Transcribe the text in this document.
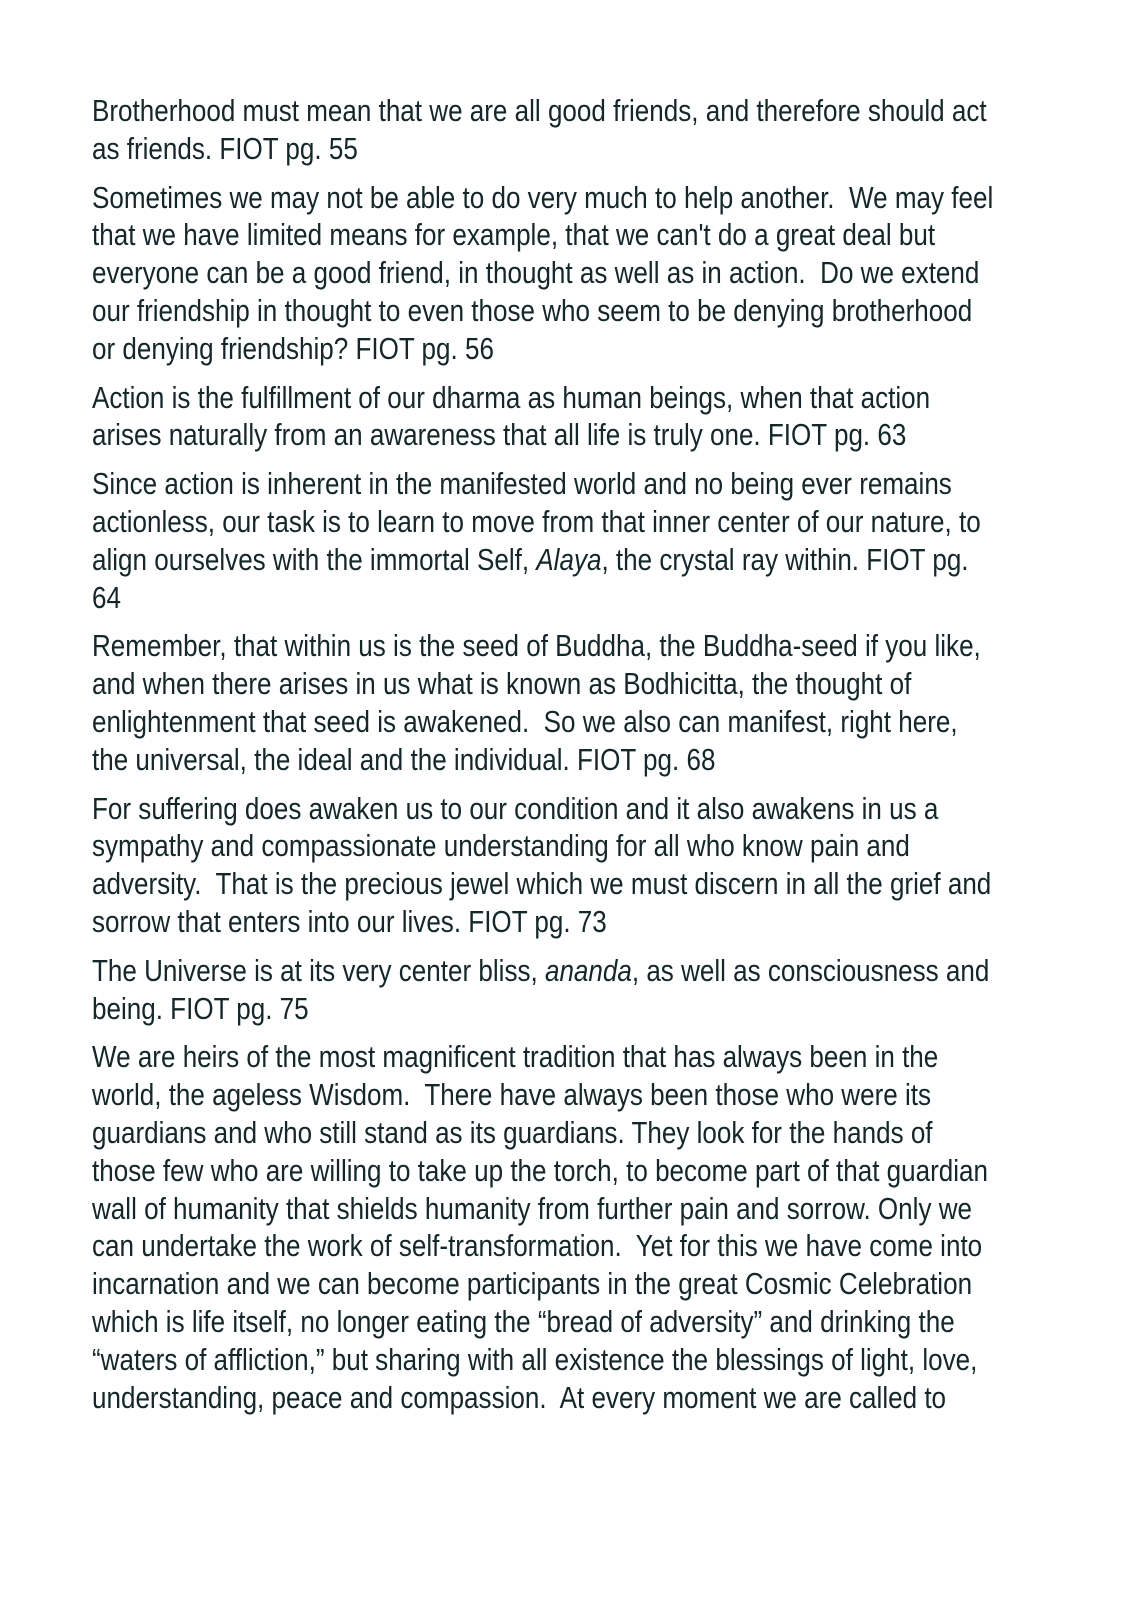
Brotherhood must mean that we are all good friends, and therefore should act
as friends. FIOT pg. 55
Sometimes we may not be able to do very much to help another.  We may feel
that we have limited means for example, that we can't do a great deal but
everyone can be a good friend, in thought as well as in action.  Do we extend
our friendship in thought to even those who seem to be denying brotherhood
or denying friendship? FIOT pg. 56
Action is the fulfillment of our dharma as human beings, when that action
arises naturally from an awareness that all life is truly one. FIOT pg. 63
Since action is inherent in the manifested world and no being ever remains
actionless, our task is to learn to move from that inner center of our nature, to
align ourselves with the immortal Self, Alaya, the crystal ray within. FIOT pg.
64
Remember, that within us is the seed of Buddha, the Buddha-seed if you like,
and when there arises in us what is known as Bodhicitta, the thought of
enlightenment that seed is awakened.  So we also can manifest, right here,
the universal, the ideal and the individual. FIOT pg. 68
For suffering does awaken us to our condition and it also awakens in us a
sympathy and compassionate understanding for all who know pain and
adversity.  That is the precious jewel which we must discern in all the grief and
sorrow that enters into our lives. FIOT pg. 73
The Universe is at its very center bliss, ananda, as well as consciousness and
being. FIOT pg. 75
We are heirs of the most magnificent tradition that has always been in the
world, the ageless Wisdom.  There have always been those who were its
guardians and who still stand as its guardians. They look for the hands of
those few who are willing to take up the torch, to become part of that guardian
wall of humanity that shields humanity from further pain and sorrow. Only we
can undertake the work of self-transformation.  Yet for this we have come into
incarnation and we can become participants in the great Cosmic Celebration
which is life itself, no longer eating the “bread of adversity” and drinking the
“waters of affliction,” but sharing with all existence the blessings of light, love,
understanding, peace and compassion.  At every moment we are called to
